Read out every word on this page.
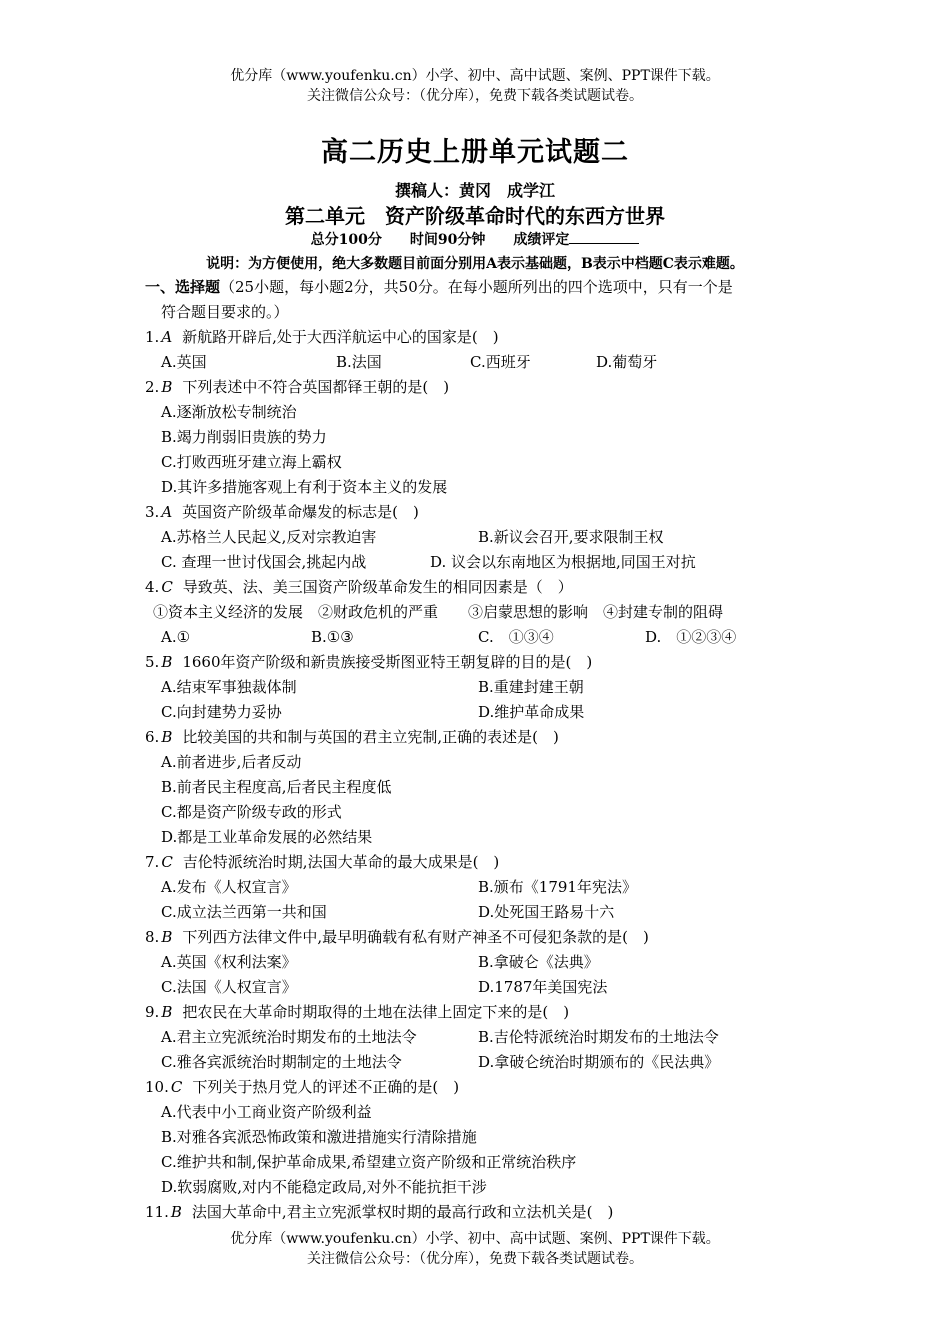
优分库（www.youfenku.cn）小学、初中、高中试题、案例、PPT课件下载。
关注微信公众号：（优分库），免费下载各类试题试卷。
高二历史上册单元试题二
撰稿人：黄冈　成学江
第二单元　资产阶级革命时代的东西方世界
总分100分　　时间90分钟　　成绩评定
说明：为方便使用，绝大多数题目前面分别用A表示基础题，B表示中档题C表示难题。
一、选择题（25小题，每小题2分，共50分。在每小题所列出的四个选项中，只有一个是
符合题目要求的。）
1. A 新航路开辟后,处于大西洋航运中心的国家是(　)
A.英国	B.法国	C.西班牙	D.葡萄牙
2. B 下列表述中不符合英国都铎王朝的是(　)
A.逐渐放松专制统治
B.竭力削弱旧贵族的势力
C.打败西班牙建立海上霸权
D.其许多措施客观上有利于资本主义的发展
3. A 英国资产阶级革命爆发的标志是(　)
A.苏格兰人民起义,反对宗教迫害	B.新议会召开,要求限制王权
C. 查理一世讨伐国会,挑起内战	D. 议会以东南地区为根据地,同国王对抗
4. C 导致英、法、美三国资产阶级革命发生的相同因素是（　）
①资本主义经济的发展　②财政危机的严重　　③启蒙思想的影响　④封建专制的阻碍
A.①	B.①③	C.　①③④	D.　①②③④
5. B 1660年资产阶级和新贵族接受斯图亚特王朝复辟的目的是(　)
A.结束军事独裁体制	B.重建封建王朝
C.向封建势力妥协	D.维护革命成果
6. B 比较美国的共和制与英国的君主立宪制,正确的表述是(　)
A.前者进步,后者反动
B.前者民主程度高,后者民主程度低
C.都是资产阶级专政的形式
D.都是工业革命发展的必然结果
7. C 吉伦特派统治时期,法国大革命的最大成果是(　)
A.发布《人权宣言》	B.颁布《1791年宪法》
C.成立法兰西第一共和国	D.处死国王路易十六
8. B 下列西方法律文件中,最早明确载有私有财产神圣不可侵犯条款的是(　)
A.英国《权利法案》	B.拿破仑《法典》
C.法国《人权宣言》	D.1787年美国宪法
9. B 把农民在大革命时期取得的土地在法律上固定下来的是(　)
A.君主立宪派统治时期发布的土地法令	B.吉伦特派统治时期发布的土地法令
C.雅各宾派统治时期制定的土地法令	D.拿破仑统治时期颁布的《民法典》
10. C 下列关于热月党人的评述不正确的是(　)
A.代表中小工商业资产阶级利益
B.对雅各宾派恐怖政策和激进措施实行清除措施
C.维护共和制,保护革命成果,希望建立资产阶级和正常统治秩序
D.软弱腐败,对内不能稳定政局,对外不能抗拒干涉
11. B 法国大革命中,君主立宪派掌权时期的最高行政和立法机关是(　)
优分库（www.youfenku.cn）小学、初中、高中试题、案例、PPT课件下载。
关注微信公众号：（优分库），免费下载各类试题试卷。
